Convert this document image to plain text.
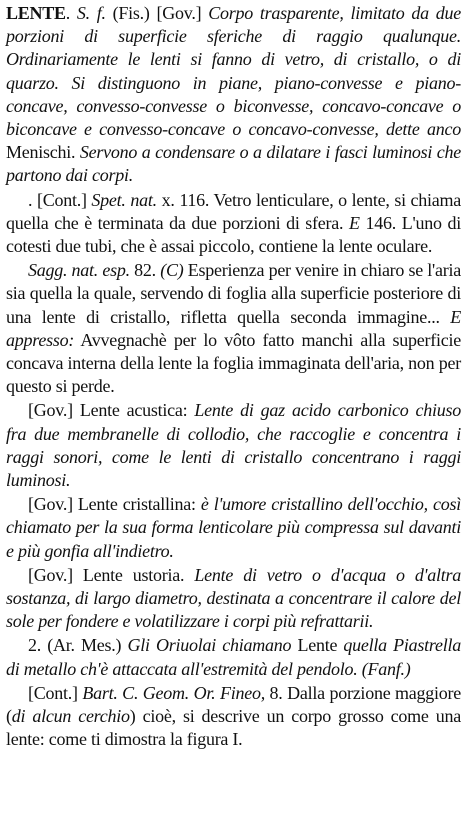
LENTE. S. f. (Fis.) [Gov.] Corpo trasparente, limitato da due porzioni di superficie sferiche di raggio qualunque. Ordinariamente le lenti si fanno di vetro, di cristallo, o di quarzo. Si distinguono in piane, piano-convesse e piano-concave, convesso-convesse o biconvesse, concavo-concave o biconcave e convesso-concave o concavo-convesse, dette anco Menischi. Servono a condensare o a dilatare i fasci luminosi che partono dai corpi.

. [Cont.] Spet. nat. x. 116. Vetro lenticulare, o lente, si chiama quella che è terminata da due porzioni di sfera. E 146. L'uno di cotesti due tubi, che è assai piccolo, contiene la lente oculare.

Sagg. nat. esp. 82. (C) Esperienza per venire in chiaro se l'aria sia quella la quale, servendo di foglia alla superficie posteriore di una lente di cristallo, rifletta quella seconda immagine... E appresso: Avvegnachè per lo vôto fatto manchi alla superficie concava interna della lente la foglia immaginata dell'aria, non per questo si perde.

[Gov.] Lente acustica: Lente di gaz acido carbonico chiuso fra due membranelle di collodio, che raccoglie e concentra i raggi sonori, come le lenti di cristallo concentrano i raggi luminosi.

[Gov.] Lente cristallina: è l'umore cristallino dell'occhio, così chiamato per la sua forma lenticolare più compressa sul davanti e più gonfia all'indietro.

[Gov.] Lente ustoria. Lente di vetro o d'acqua o d'altra sostanza, di largo diametro, destinata a concentrare il calore del sole per fondere e volatilizzare i corpi più refrattarii.

2. (Ar. Mes.) Gli Oriuolai chiamano Lente quella Piastrella di metallo ch'è attaccata all'estremità del pendolo. (Fanf.)

[Cont.] Bart. C. Geom. Or. Fineo, 8. Dalla porzione maggiore (di alcun cerchio) cioè, si descrive un corpo grosso come una lente: come ti dimostra la figura I.
